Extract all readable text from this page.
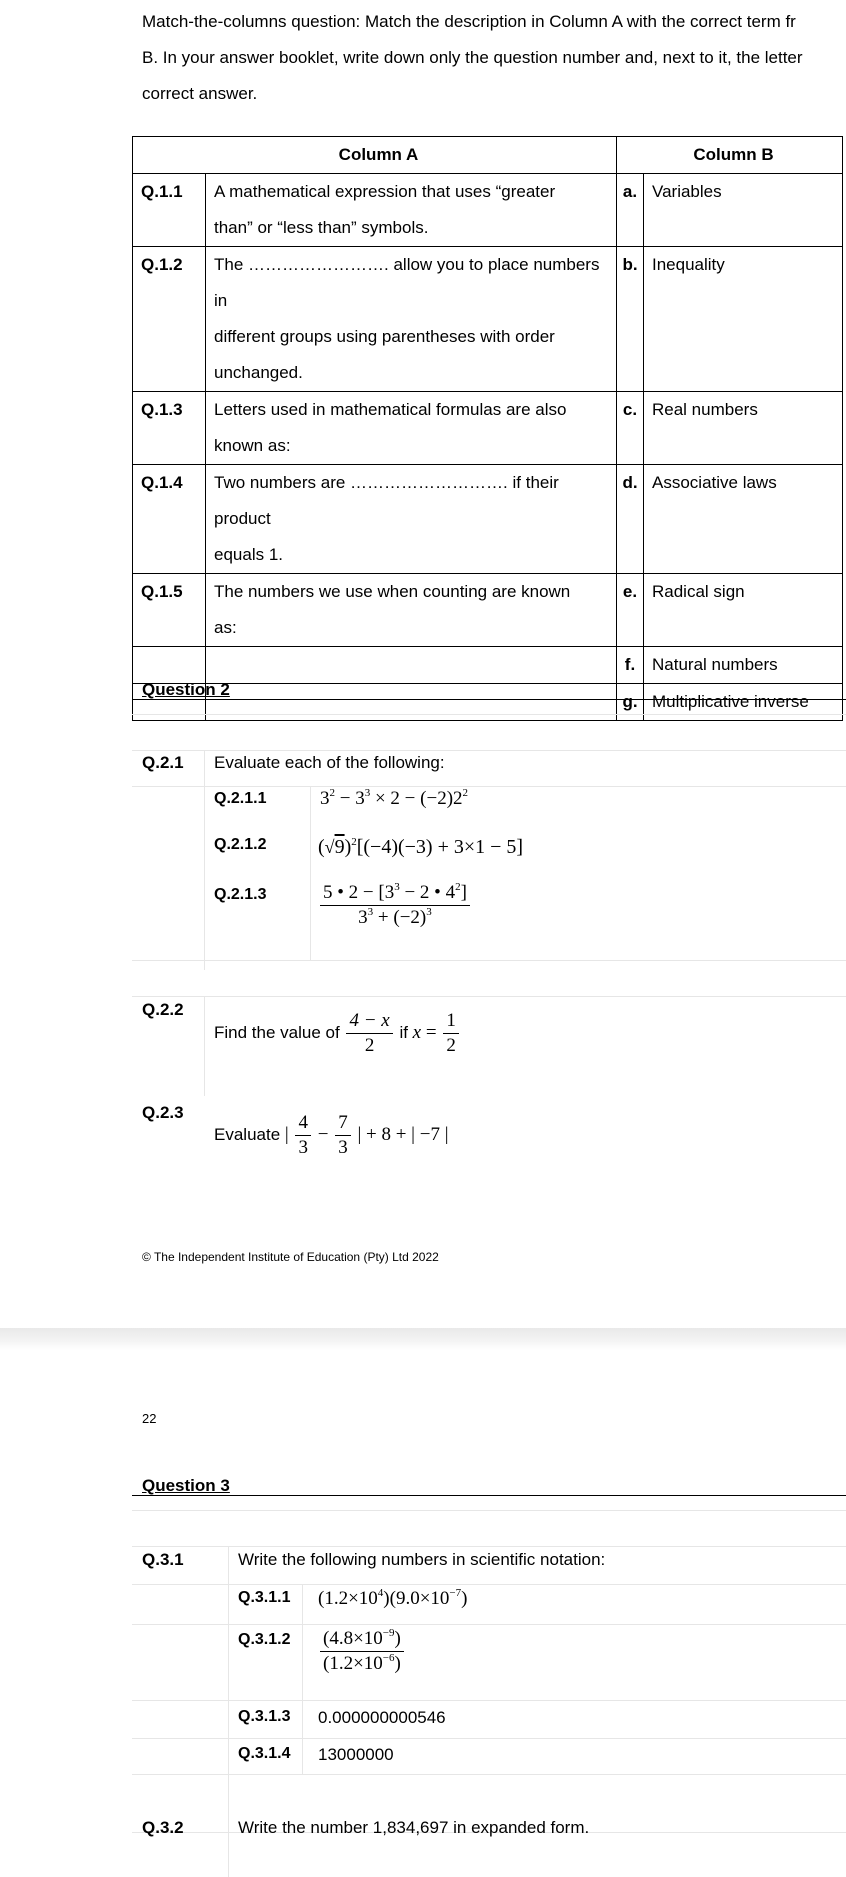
Match-the-columns question: Match the description in Column A with the correct term fr
B. In your answer booklet, write down only the question number and, next to it, the letter
correct answer.
Column A		Column B	
Q.1.1	A mathematical expression that uses “greater
than” or “less than” symbols.	a.	Variables
Q.1.2	The ……………………. allow you to place numbers in
different groups using parentheses with order
unchanged.	b.	Inequality
Q.1.3	Letters used in mathematical formulas are also
known as:	c.	Real numbers
Q.1.4	Two numbers are ………………………. if their product
equals 1.	d.	Associative laws
Q.1.5	The numbers we use when counting are known
as:	e.	Radical sign
		f.	Natural numbers
		g.	Multiplicative inverse
Question 2
Q.2.1 Evaluate each of the following:
Q.2.1.1	$3^2 - 3^3 \times 2 - (-2)2^2$
Q.2.1.2	$(√9)^2[(-4)(-3) + 3\times 1 - 5]$
Q.2.1.3	$\frac{5 • 2 - [3^3 - 2 • 4^2]}{3^3 + (-2)^3}$
Q.2.2
Find the value of $\frac{4 - x}{2}$ if $x = \frac{1}{2}$
Q.2.3
Evaluate | $\frac{4}{3} - \frac{7}{3}$ | + 8 + | −7 |
© The Independent Institute of Education (Pty) Ltd 2022
22
Question 3
Q.3.1	Write the following numbers in scientific notation:
Q.3.1.1 $(1.2\times 10^4)(9.0\times 10^{-7})$
$Q.3.1.2 \frac{(4.8\times 10^{-9})}{(1.2\times 10^{-6})}$
Q.3.1.3 0.000000000546
Q.3.1.4 13000000
Q.3.2	Write the number 1,834,697 in expanded form.
